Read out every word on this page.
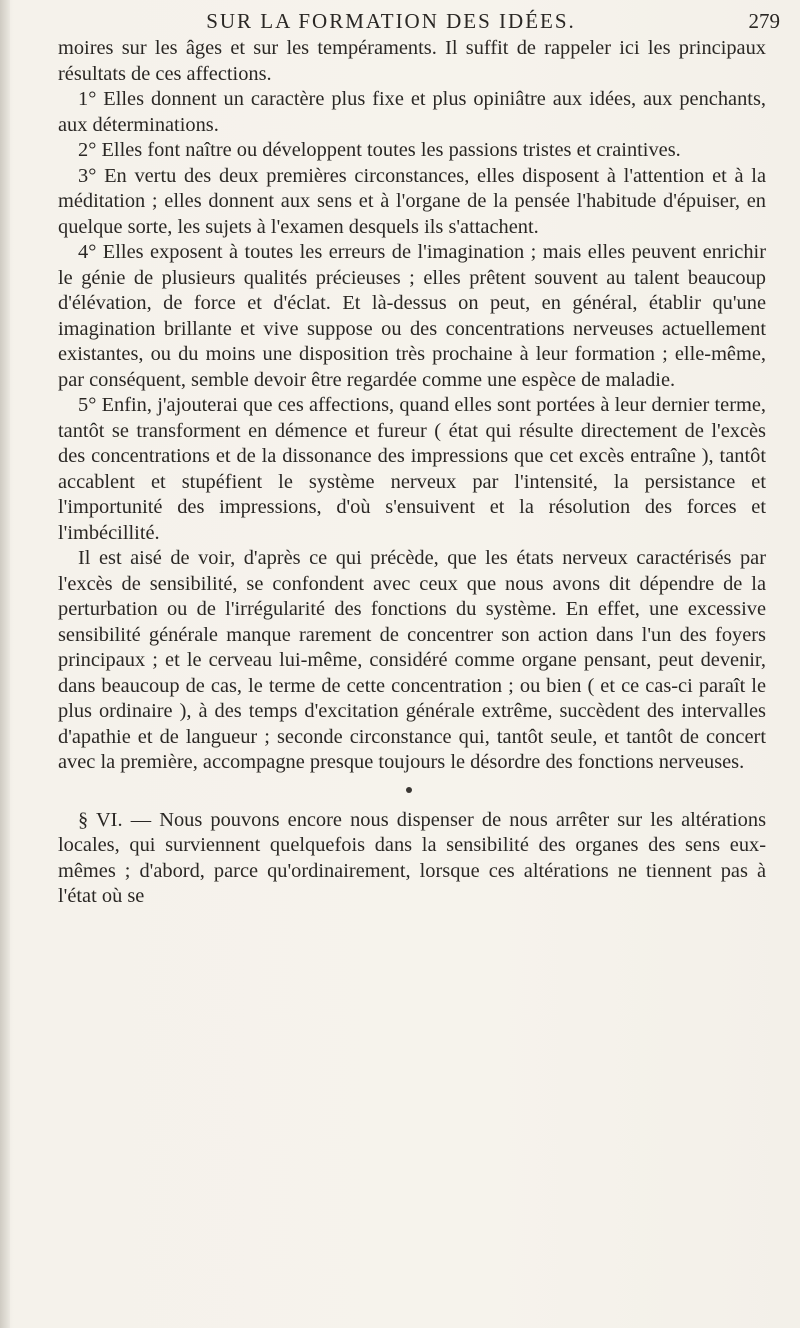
SUR LA FORMATION DES IDÉES.	279

moires sur les âges et sur les tempéraments. Il suffit de rappeler ici les principaux résultats de ces affections.

1° Elles donnent un caractère plus fixe et plus opiniâtre aux idées, aux penchants, aux déterminations.

2° Elles font naître ou développent toutes les passions tristes et craintives.

3° En vertu des deux premières circonstances, elles disposent à l'attention et à la méditation ; elles donnent aux sens et à l'organe de la pensée l'habitude d'épuiser, en quelque sorte, les sujets à l'examen desquels ils s'attachent.

4° Elles exposent à toutes les erreurs de l'imagination ; mais elles peuvent enrichir le génie de plusieurs qualités précieuses ; elles prêtent souvent au talent beaucoup d'élévation, de force et d'éclat. Et là-dessus on peut, en général, établir qu'une imagination brillante et vive suppose ou des concentrations nerveuses actuellement existantes, ou du moins une disposition très prochaine à leur formation ; elle-même, par conséquent, semble devoir être regardée comme une espèce de maladie.

5° Enfin, j'ajouterai que ces affections, quand elles sont portées à leur dernier terme, tantôt se transforment en démence et fureur ( état qui résulte directement de l'excès des concentrations et de la dissonance des impressions que cet excès entraîne ), tantôt accablent et stupéfient le système nerveux par l'intensité, la persistance et l'importunité des impressions, d'où s'ensuivent et la résolution des forces et l'imbécillité.

Il est aisé de voir, d'après ce qui précède, que les états nerveux caractérisés par l'excès de sensibilité, se confondent avec ceux que nous avons dit dépendre de la perturbation ou de l'irrégularité des fonctions du système. En effet, une excessive sensibilité générale manque rarement de concentrer son action dans l'un des foyers principaux ; et le cerveau lui-même, considéré comme organe pensant, peut devenir, dans beaucoup de cas, le terme de cette concentration ; ou bien ( et ce cas-ci paraît le plus ordinaire ), à des temps d'excitation générale extrême, succèdent des intervalles d'apathie et de langueur ; seconde circonstance qui, tantôt seule, et tantôt de concert avec la première, accompagne presque toujours le désordre des fonctions nerveuses.

§ VI. — Nous pouvons encore nous dispenser de nous arrêter sur les altérations locales, qui surviennent quelquefois dans la sensibilité des organes des sens eux-mêmes ; d'abord, parce qu'ordinairement, lorsque ces altérations ne tiennent pas à l'état où se
